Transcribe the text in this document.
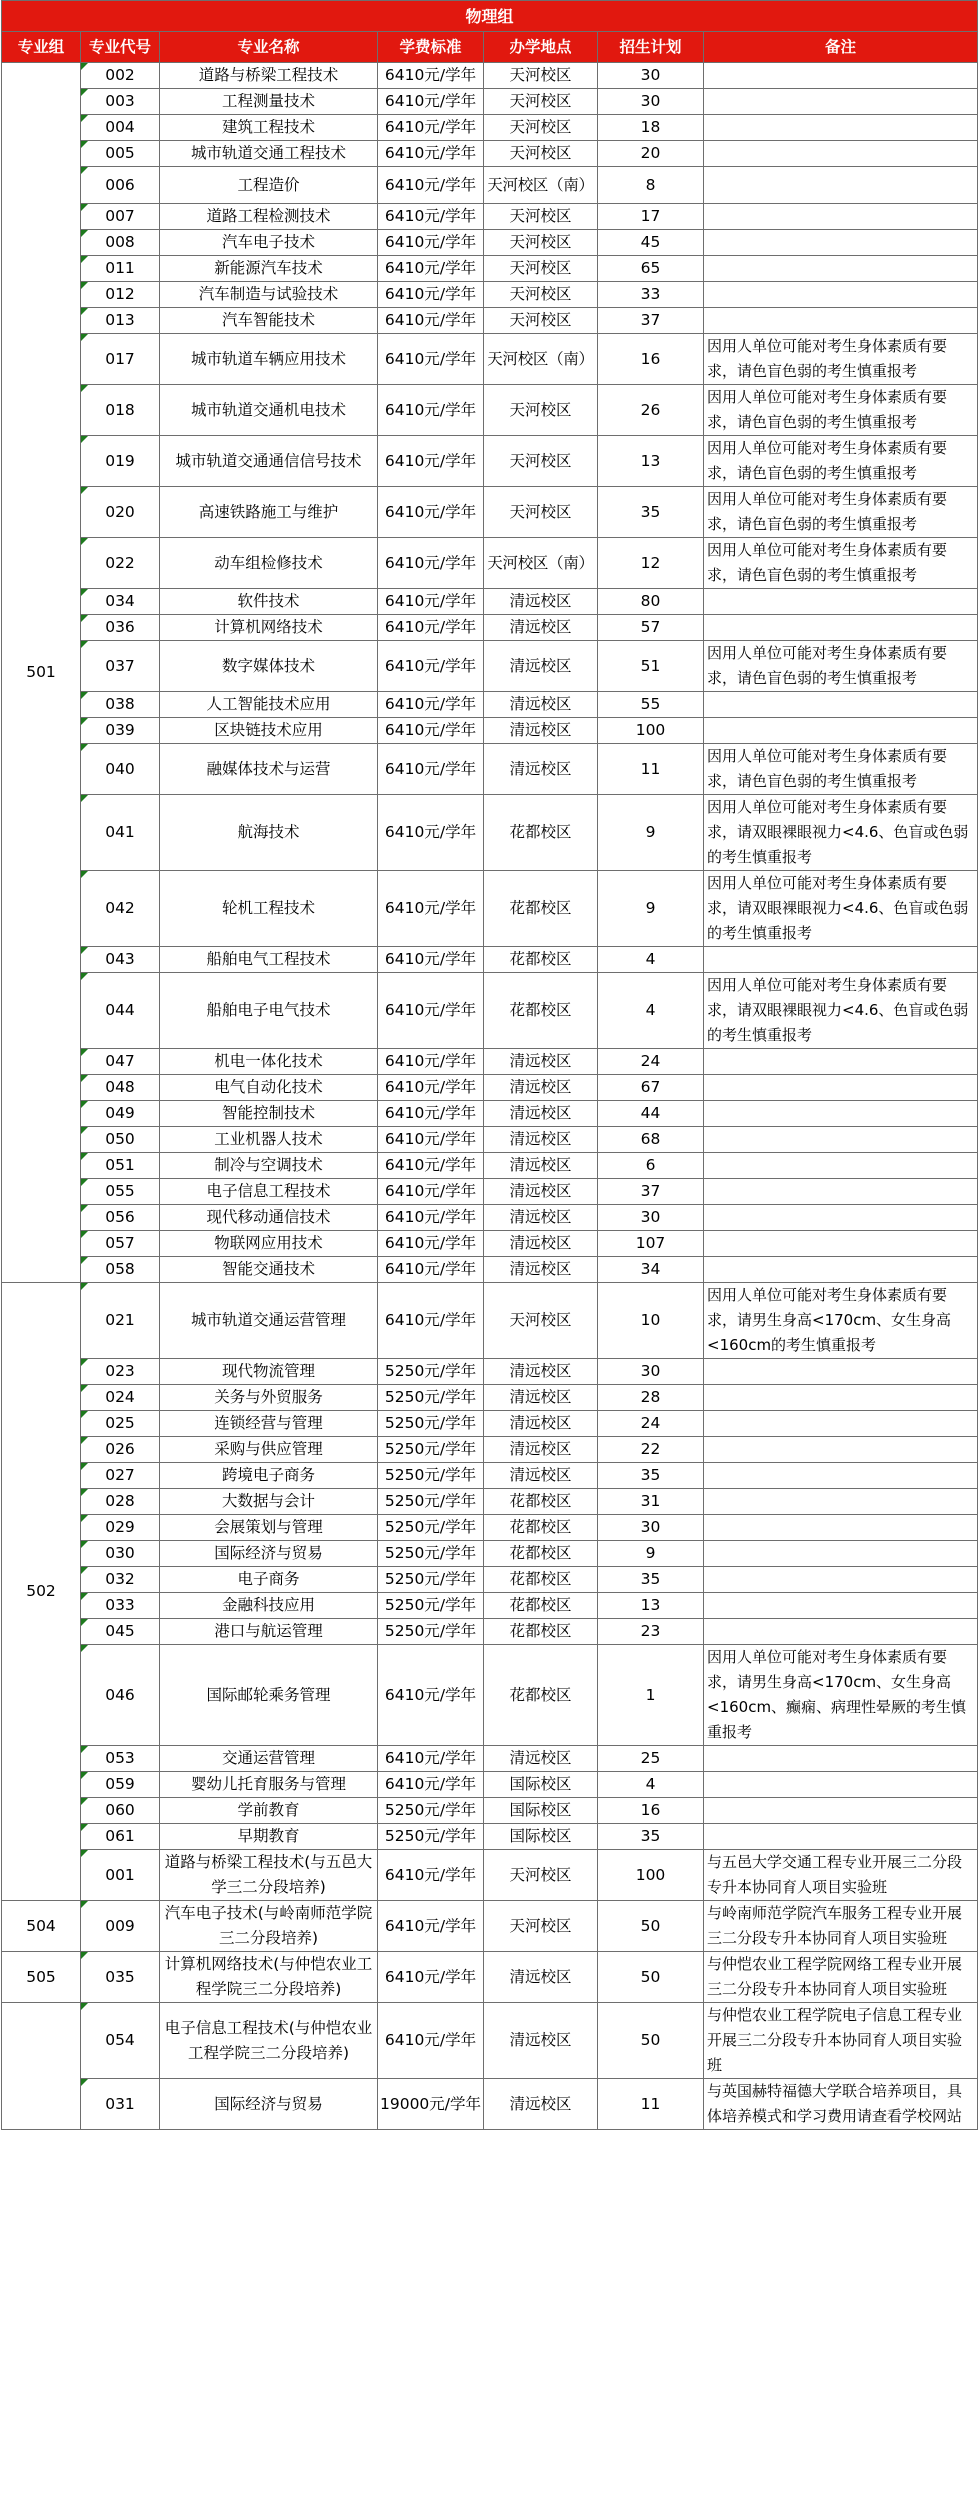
物理组						
专业组	专业代号	专业名称	学费标准	办学地点	招生计划	备注
501	002	道路与桥梁工程技术	6410元/学年	天河校区	30	
	003	工程测量技术	6410元/学年	天河校区	30	
	004	建筑工程技术	6410元/学年	天河校区	18	
	005	城市轨道交通工程技术	6410元/学年	天河校区	20	
	006	工程造价	6410元/学年	天河校区（南）	8	
	007	道路工程检测技术	6410元/学年	天河校区	17	
	008	汽车电子技术	6410元/学年	天河校区	45	
	011	新能源汽车技术	6410元/学年	天河校区	65	
	012	汽车制造与试验技术	6410元/学年	天河校区	33	
	013	汽车智能技术	6410元/学年	天河校区	37	
	017	城市轨道车辆应用技术	6410元/学年	天河校区（南）	16	因用人单位可能对考生身体素质有要求，请色盲色弱的考生慎重报考
	018	城市轨道交通机电技术	6410元/学年	天河校区	26	因用人单位可能对考生身体素质有要求，请色盲色弱的考生慎重报考
	019	城市轨道交通通信信号技术	6410元/学年	天河校区	13	因用人单位可能对考生身体素质有要求，请色盲色弱的考生慎重报考
	020	高速铁路施工与维护	6410元/学年	天河校区	35	因用人单位可能对考生身体素质有要求，请色盲色弱的考生慎重报考
	022	动车组检修技术	6410元/学年	天河校区（南）	12	因用人单位可能对考生身体素质有要求，请色盲色弱的考生慎重报考
	034	软件技术	6410元/学年	清远校区	80	
	036	计算机网络技术	6410元/学年	清远校区	57	
	037	数字媒体技术	6410元/学年	清远校区	51	因用人单位可能对考生身体素质有要求，请色盲色弱的考生慎重报考
	038	人工智能技术应用	6410元/学年	清远校区	55	
	039	区块链技术应用	6410元/学年	清远校区	100	
	040	融媒体技术与运营	6410元/学年	清远校区	11	因用人单位可能对考生身体素质有要求，请色盲色弱的考生慎重报考
	041	航海技术	6410元/学年	花都校区	9	因用人单位可能对考生身体素质有要求，请双眼裸眼视力<4.6、色盲或色弱的考生慎重报考
	042	轮机工程技术	6410元/学年	花都校区	9	因用人单位可能对考生身体素质有要求，请双眼裸眼视力<4.6、色盲或色弱的考生慎重报考
	043	船舶电气工程技术	6410元/学年	花都校区	4	
	044	船舶电子电气技术	6410元/学年	花都校区	4	因用人单位可能对考生身体素质有要求，请双眼裸眼视力<4.6、色盲或色弱的考生慎重报考
	047	机电一体化技术	6410元/学年	清远校区	24	
	048	电气自动化技术	6410元/学年	清远校区	67	
	049	智能控制技术	6410元/学年	清远校区	44	
	050	工业机器人技术	6410元/学年	清远校区	68	
	051	制冷与空调技术	6410元/学年	清远校区	6	
	055	电子信息工程技术	6410元/学年	清远校区	37	
	056	现代移动通信技术	6410元/学年	清远校区	30	
	057	物联网应用技术	6410元/学年	清远校区	107	
	058	智能交通技术	6410元/学年	清远校区	34	
502	021	城市轨道交通运营管理	6410元/学年	天河校区	10	因用人单位可能对考生身体素质有要求，请男生身高<170cm、女生身高<160cm的考生慎重报考
	023	现代物流管理	5250元/学年	清远校区	30	
	024	关务与外贸服务	5250元/学年	清远校区	28	
	025	连锁经营与管理	5250元/学年	清远校区	24	
	026	采购与供应管理	5250元/学年	清远校区	22	
	027	跨境电子商务	5250元/学年	清远校区	35	
	028	大数据与会计	5250元/学年	花都校区	31	
	029	会展策划与管理	5250元/学年	花都校区	30	
	030	国际经济与贸易	5250元/学年	花都校区	9	
	032	电子商务	5250元/学年	花都校区	35	
	033	金融科技应用	5250元/学年	花都校区	13	
	045	港口与航运管理	5250元/学年	花都校区	23	
	046	国际邮轮乘务管理	6410元/学年	花都校区	1	因用人单位可能对考生身体素质有要求，请男生身高<170cm、女生身高<160cm、癫痫、病理性晕厥的考生慎重报考
	053	交通运营管理	6410元/学年	清远校区	25	
	059	婴幼儿托育服务与管理	6410元/学年	国际校区	4	
	060	学前教育	5250元/学年	国际校区	16	
	061	早期教育	5250元/学年	国际校区	35	
	001	道路与桥梁工程技术(与五邑大学三二分段培养)	6410元/学年	天河校区	100	与五邑大学交通工程专业开展三二分段专升本协同育人项目实验班
504	009	汽车电子技术(与岭南师范学院三二分段培养)	6410元/学年	天河校区	50	与岭南师范学院汽车服务工程专业开展三二分段专升本协同育人项目实验班
505	035	计算机网络技术(与仲恺农业工程学院三二分段培养)	6410元/学年	清远校区	50	与仲恺农业工程学院网络工程专业开展三二分段专升本协同育人项目实验班
	054	电子信息工程技术(与仲恺农业工程学院三二分段培养)	6410元/学年	清远校区	50	与仲恺农业工程学院电子信息工程专业开展三二分段专升本协同育人项目实验班
	031	国际经济与贸易	19000元/学年	清远校区	11	与英国赫特福德大学联合培养项目，具体培养模式和学习费用请查看学校网站
